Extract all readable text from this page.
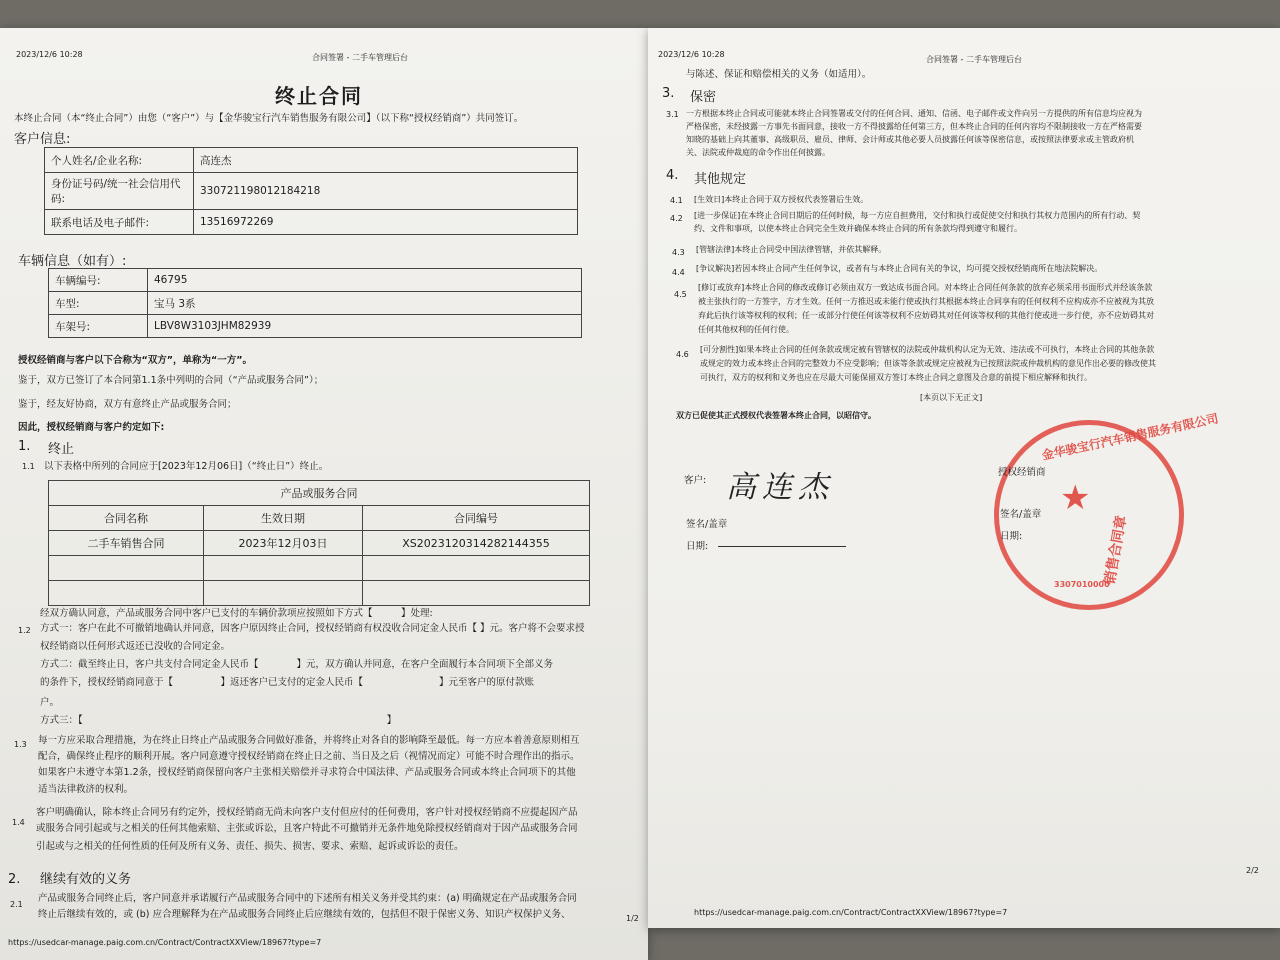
2023/12/6 10:28	合同签署 - 二手车管理后台
终止合同
本终止合同（本“终止合同”）由您（“客户”）与【金华骏宝行汽车销售服务有限公司】（以下称“授权经销商”）共同签订。
客户信息:
个人姓名/企业名称:	高连杰
身份证号码/统一社会信用代码:	330721198012184218
联系电话及电子邮件:	13516972269
车辆信息（如有）:
车辆编号:	46795
车型:	宝马 3系
车架号:	LBV8W3103JHM82939
授权经销商与客户以下合称为“双方”，单称为“一方”。
鉴于，双方已签订了本合同第1.1条中列明的合同（“产品或服务合同”）；
鉴于，经友好协商，双方有意终止产品或服务合同；
因此，授权经销商与客户约定如下:
1. 终止
1.1 以下表格中所列的合同应于[2023年12月06日]（“终止日”）终止。
产品或服务合同		
合同名称	生效日期	合同编号
二手车销售合同	2023年12月03日	XS2023120314282144355

1.2
经双方确认同意，产品或服务合同中客户已支付的车辆价款项应按照如下方式【　　　】处理:
方式一：客户在此不可撤销地确认并同意，因客户原因终止合同，授权经销商有权没收合同定金人民币【 】元。客户将不会要求授
权经销商以任何形式返还已没收的合同定金。
方式二：截至终止日，客户共支付合同定金人民币【　　　　】元，双方确认并同意，在客户全面履行本合同项下全部义务
的条件下，授权经销商同意于【　　　　　】返还客户已支付的定金人民币【　　　　　　　　】元至客户的原付款账
户。
方式三：【　　　　　　　　　　　　　　　　　　　　　　　　　　　　　　　　】
1.3 每一方应采取合理措施，为在终止日终止产品或服务合同做好准备，并将终止对各自的影响降至最低。每一方应本着善意原则相互
配合，确保终止程序的顺利开展。客户同意遵守授权经销商在终止日之前、当日及之后（视情况而定）可能不时合理作出的指示。
如果客户未遵守本第1.2条，授权经销商保留向客户主张相关赔偿并寻求符合中国法律、产品或服务合同或本终止合同项下的其他
适当法律救济的权利。
1.4
客户明确确认，除本终止合同另有约定外，授权经销商无尚未向客户支付但应付的任何费用，客户针对授权经销商不应提起因产品
或服务合同引起或与之相关的任何其他索赔、主张或诉讼，且客户特此不可撤销并无条件地免除授权经销商对于因产品或服务合同
引起或与之相关的任何性质的任何及所有义务、责任、损失、损害、要求、索赔、起诉或诉讼的责任。
2. 继续有效的义务
2.1
产品或服务合同终止后，客户同意并承诺履行产品或服务合同中的下述所有相关义务并受其约束：(a) 明确规定在产品或服务合同
终止后继续有效的，或 (b) 应合理解释为在产品或服务合同终止后应继续有效的，包括但不限于保密义务、知识产权保护义务、	1/2
https://usedcar-manage.paig.com.cn/Contract/ContractXXView/18967?type=7
2023/12/6 10:28
合同签署 - 二手车管理后台
与陈述、保证和赔偿相关的义务（如适用）。
3. 保密
3.1 一方根据本终止合同或可能就本终止合同签署或交付的任何合同、通知、信函、电子邮件或文件向另一方提供的所有信息均应视为
严格保密，未经披露一方事先书面同意，接收一方不得披露给任何第三方，但本终止合同的任何内容均不限制接收一方在严格需要
知晓的基础上向其董事、高级职员、雇员、律师、会计师或其他必要人员披露任何该等保密信息，或按照法律要求或主管政府机
关、法院或仲裁庭的命令作出任何披露。
4. 其他规定
4.1 [生效日]本终止合同于双方授权代表签署后生效。
4.2 [进一步保证]在本终止合同日期后的任何时候，每一方应自担费用，交付和执行或促使交付和执行其权力范围内的所有行动、契
约、文件和事项，以使本终止合同完全生效并确保本终止合同的所有条款均得到遵守和履行。
4.3 [管辖法律]本终止合同受中国法律管辖，并依其解释。
4.4 [争议解决]若因本终止合同产生任何争议，或者有与本终止合同有关的争议，均可提交授权经销商所在地法院解决。
4.5
[修订或放弃]本终止合同的修改或修订必须由双方一致达成书面合同。对本终止合同任何条款的放弃必须采用书面形式并经该条款
被主张执行的一方签字，方才生效。任何一方推迟或未能行使或执行其根据本终止合同享有的任何权利不应构成亦不应被视为其放
弃此后执行该等权利的权利；任一或部分行使任何该等权利不应妨碍其对任何该等权利的其他行使或进一步行使，亦不应妨碍其对
任何其他权利的任何行使。
4.6
[可分割性]如果本终止合同的任何条款或规定被有管辖权的法院或仲裁机构认定为无效、违法或不可执行，本终止合同的其他条款
或规定的效力或本终止合同的完整效力不应受影响；但该等条款或规定应被视为已按照法院或仲裁机构的意见作出必要的修改使其
可执行，双方的权利和义务也应在尽最大可能保留双方签订本终止合同之意图及合意的前提下相应解释和执行。
[本页以下无正文]
双方已促使其正式授权代表签署本终止合同，以昭信守。	金华骏宝行汽车销售服务有限公司
★
销售合同章
3307010000
客户: 高连杰
签名/盖章
日期:
授权经销商
签名/盖章
日期:
2/2
https://usedcar-manage.paig.com.cn/Contract/ContractXXView/18967?type=7
